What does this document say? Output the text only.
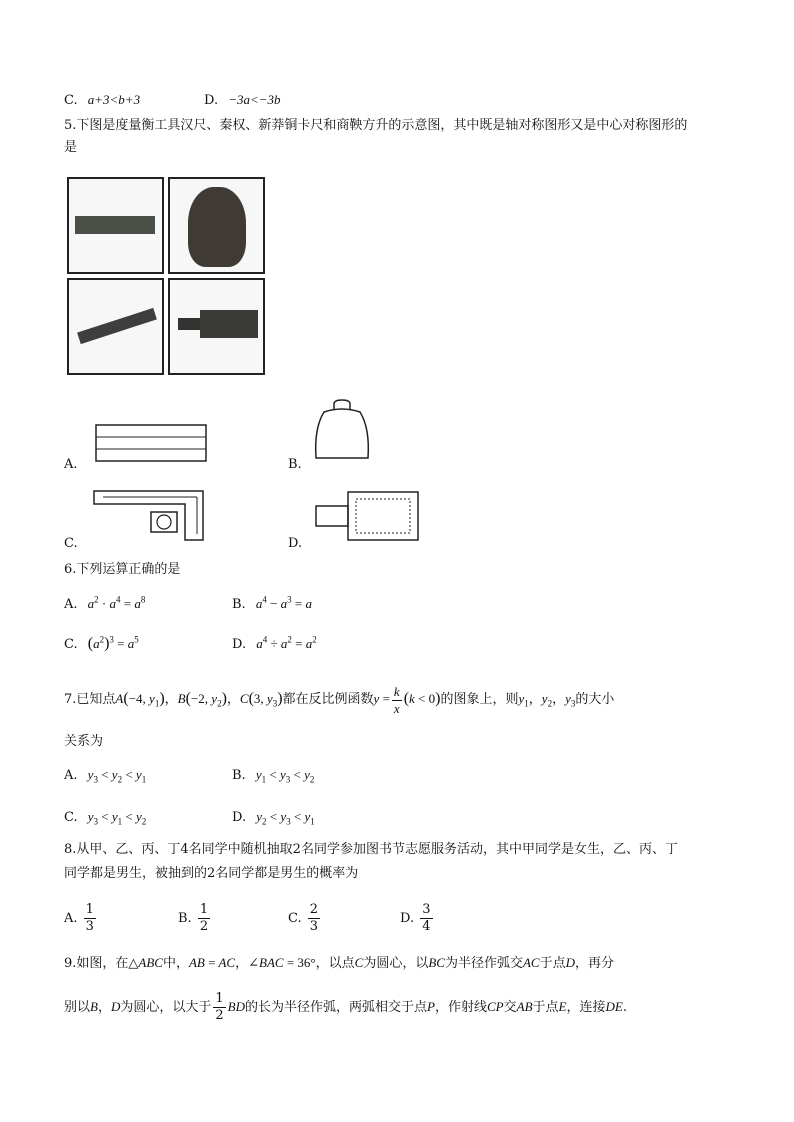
C. a+3<b+3	D. −3a<−3b
5.下图是度量衡工具汉尺、秦权、新莽铜卡尺和商鞅方升的示意图，其中既是轴对称图形又是中心对称图形的
是
A.	B.
C.	D.
6.下列运算正确的是
A. $a^2 \cdot a^4 = a^8$	B. $a^4 - a^3 = a$
C. $(a^2)^3 = a^5$	D. $a^4 \div a^2 = a^2$
7.已知点A(−4, $y_1$)，B(−2, $y_2$)，C(3, $y_3$)都在反比例函数$y = \frac{k}{x} (k < 0)$的图象上，则$y_1$，$y_2$，$y_3$的大小
关系为
A. $y_3 < y_2 < y_1$	B. $y_1 < y_3 < y_2$
C. $y_3 < y_1 < y_2$	D. $y_2 < y_3 < y_1$
8.从甲、乙、丙、丁4名同学中随机抽取2名同学参加图书节志愿服务活动，其中甲同学是女生，乙、丙、丁
同学都是男生，被抽到的2名同学都是男生的概率为
A. $\frac{1}{3}$	B. $\frac{1}{2}$	C. $\frac{2}{3}$	D. $\frac{3}{4}$
9.如图，在△ABC中，AB = AC，∠BAC = 36°，以点C为圆心，以BC为半径作弧交AC于点D，再分
别以B，D为圆心，以大于 $\frac{1}{2}$ BD的长为半径作弧，两弧相交于点P，作射线CP交AB于点E，连接DE.
